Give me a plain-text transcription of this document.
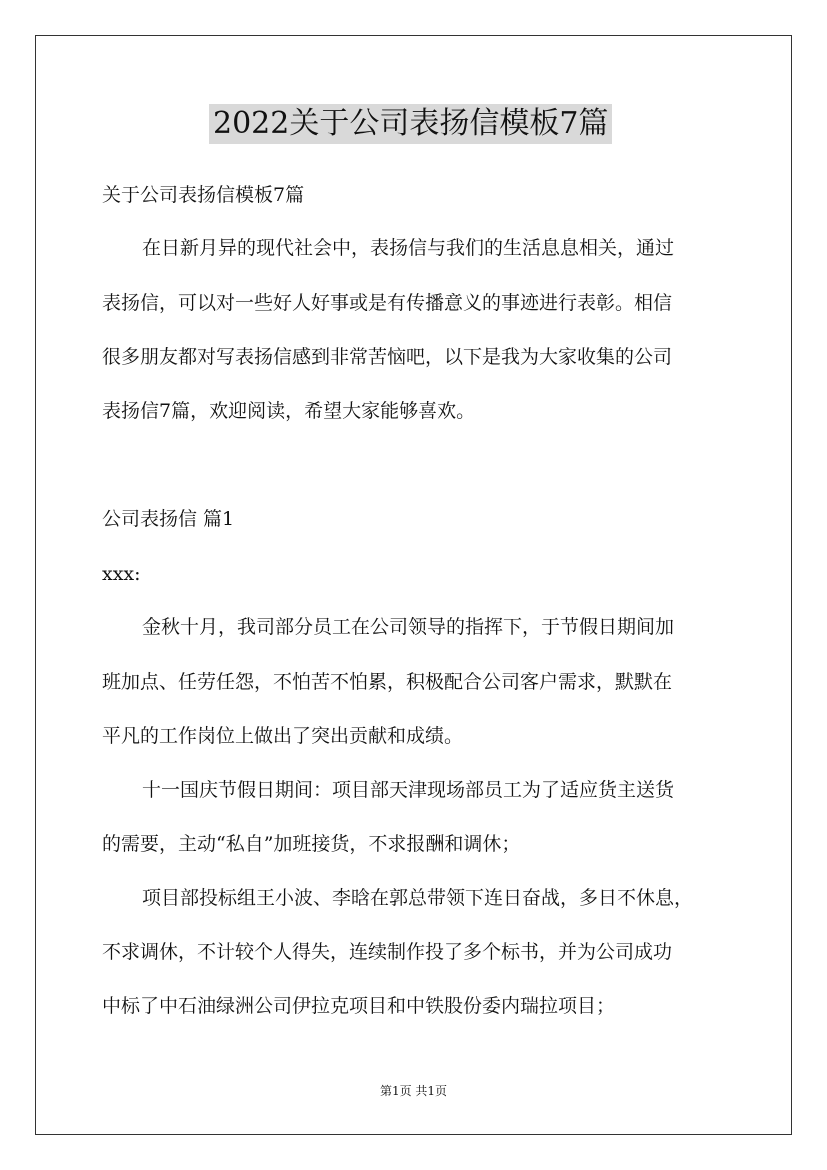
2022关于公司表扬信模板7篇
关于公司表扬信模板7篇
在日新月异的现代社会中，表扬信与我们的生活息息相关，通过
表扬信，可以对一些好人好事或是有传播意义的事迹进行表彰。相信
很多朋友都对写表扬信感到非常苦恼吧，以下是我为大家收集的公司
表扬信7篇，欢迎阅读，希望大家能够喜欢。
公司表扬信 篇1
xxx:
金秋十月，我司部分员工在公司领导的指挥下，于节假日期间加
班加点、任劳任怨，不怕苦不怕累，积极配合公司客户需求，默默在
平凡的工作岗位上做出了突出贡献和成绩。
十一国庆节假日期间：项目部天津现场部员工为了适应货主送货
的需要，主动“私自”加班接货，不求报酬和调休；
项目部投标组王小波、李晗在郭总带领下连日奋战，多日不休息，
不求调休，不计较个人得失，连续制作投了多个标书，并为公司成功
中标了中石油绿洲公司伊拉克项目和中铁股份委内瑞拉项目；
第1页 共1页
